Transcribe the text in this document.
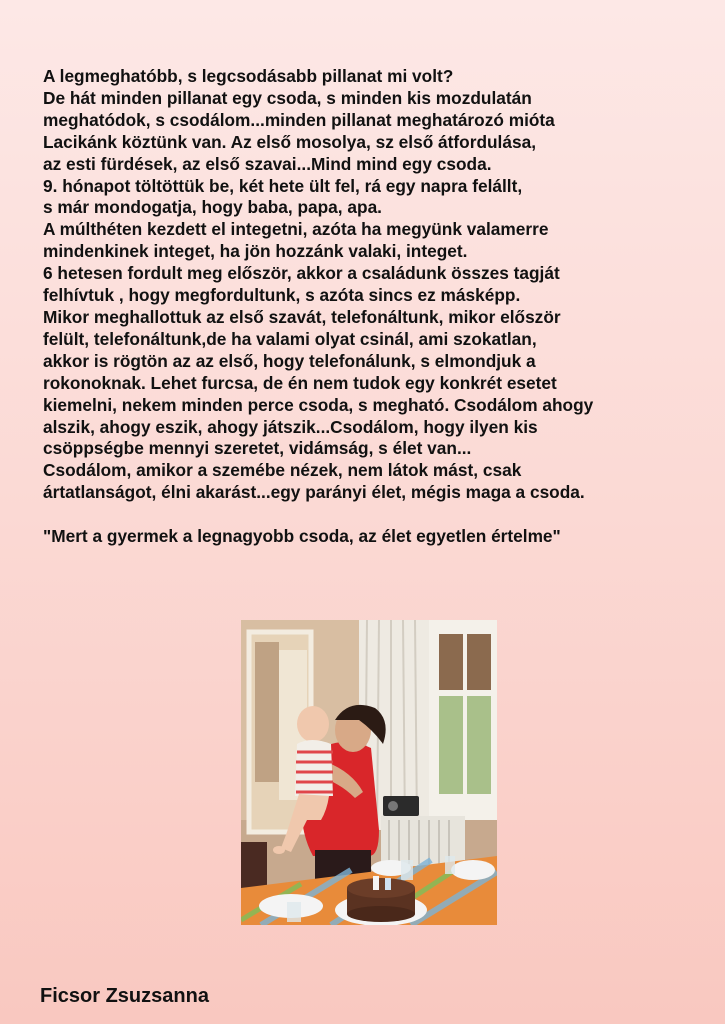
A legmeghatóbb, s legcsodásabb pillanat mi volt?
De hát minden pillanat egy csoda, s minden kis mozdulatán
meghatódok, s csodálom...minden pillanat meghatározó mióta
Lacikánk köztünk van. Az első mosolya, sz első átfordulása,
az esti fürdések, az első szavai...Mind mind egy csoda.
9. hónapot töltöttük be, két hete ült fel, rá egy napra felállt,
s már mondogatja, hogy baba, papa, apa.
A múlthéten kezdett el integetni, azóta ha megyünk valamerre
mindenkinek integet, ha jön hozzánk valaki, integet.
6 hetesen fordult meg először, akkor a családunk összes tagját
felhívtuk , hogy megfordultunk, s azóta sincs ez másképp.
Mikor meghallottuk az első szavát, telefonáltunk, mikor először
felült, telefonáltunk,de ha valami olyat csinál, ami szokatlan,
akkor is rögtön az az első, hogy telefonálunk, s elmondjuk a
rokonoknak. Lehet furcsa, de én nem tudok egy konkrét esetet
kiemelni, nekem minden perce csoda, s megható. Csodálom ahogy
alszik, ahogy eszik, ahogy játszik...Csodálom, hogy ilyen kis
csöppségbe mennyi szeretet, vidámság, s élet van...
Csodálom, amikor a szemébe nézek, nem látok mást, csak
ártatlanságot, élni akarást...egy parányi élet, mégis maga a csoda.
"Mert a gyermek a legnagyobb csoda, az élet egyetlen értelme"
Ficsor Zsuzsanna
